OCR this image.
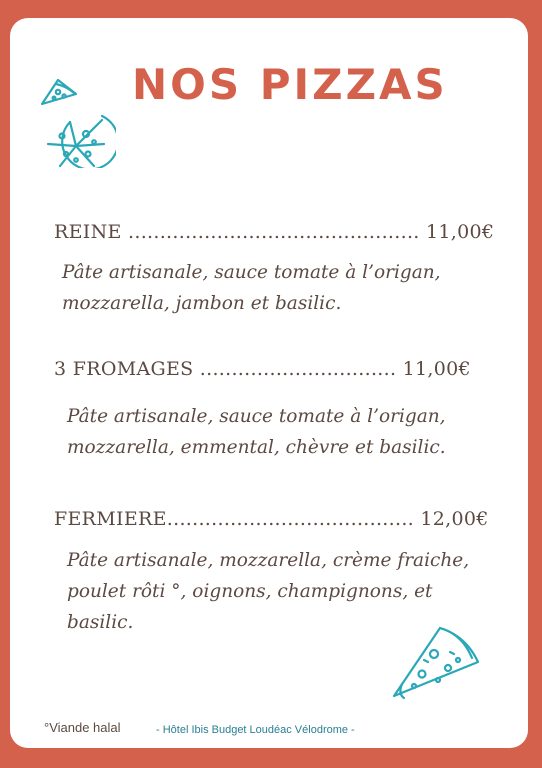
NOS PIZZAS
REINE .............................................. 11,00€
Pâte artisanale, sauce tomate à l’origan,
mozzarella, jambon et basilic.
3 FROMAGES ............................... 11,00€
Pâte artisanale, sauce tomate à l’origan,
mozzarella, emmental, chèvre et basilic.
FERMIERE....................................... 12,00€
Pâte artisanale, mozzarella, crème fraiche,
poulet rôti °, oignons, champignons, et
basilic.
°Viande halal	- Hôtel Ibis Budget Loudéac Vélodrome -
